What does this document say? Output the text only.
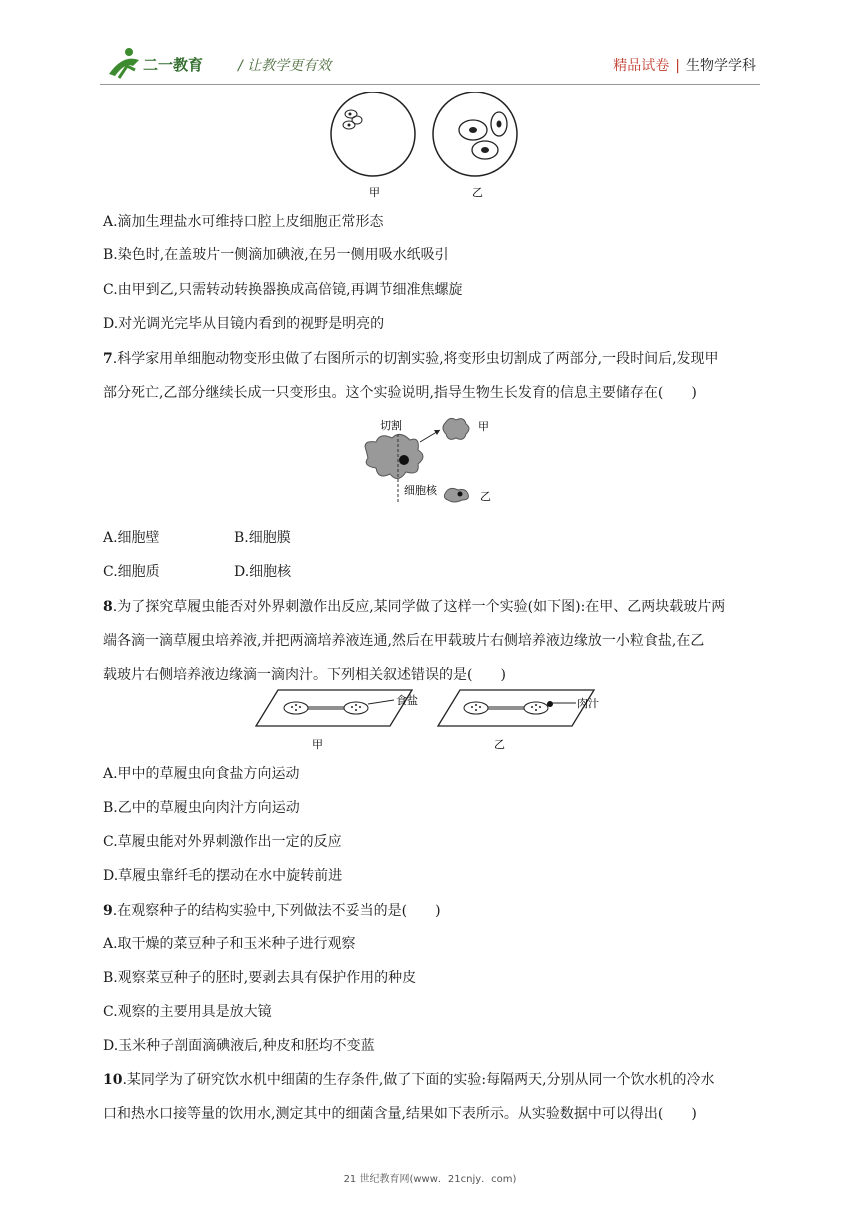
二一教育 / 让教学更有效	精品试卷 | 生物学学科
甲	乙
A.滴加生理盐水可维持口腔上皮细胞正常形态
B.染色时,在盖玻片一侧滴加碘液,在另一侧用吸水纸吸引
C.由甲到乙,只需转动转换器换成高倍镜,再调节细准焦螺旋
D.对光调光完毕从目镜内看到的视野是明亮的
7.科学家用单细胞动物变形虫做了右图所示的切割实验,将变形虫切割成了两部分,一段时间后,发现甲
部分死亡,乙部分继续长成一只变形虫。这个实验说明,指导生物生长发育的信息主要储存在(　　)
切割	甲
细胞核	乙
A.细胞壁	B.细胞膜
C.细胞质	D.细胞核
8.为了探究草履虫能否对外界刺激作出反应,某同学做了这样一个实验(如下图):在甲、乙两块载玻片两
端各滴一滴草履虫培养液,并把两滴培养液连通,然后在甲载玻片右侧培养液边缘放一小粒食盐,在乙
载玻片右侧培养液边缘滴一滴肉汁。下列相关叙述错误的是(　　)
食盐
甲
肉汁
乙
A.甲中的草履虫向食盐方向运动
B.乙中的草履虫向肉汁方向运动
C.草履虫能对外界刺激作出一定的反应
D.草履虫靠纤毛的摆动在水中旋转前进
9.在观察种子的结构实验中,下列做法不妥当的是(　　)
A.取干燥的菜豆种子和玉米种子进行观察
B.观察菜豆种子的胚时,要剥去具有保护作用的种皮
C.观察的主要用具是放大镜
D.玉米种子剖面滴碘液后,种皮和胚均不变蓝
10.某同学为了研究饮水机中细菌的生存条件,做了下面的实验:每隔两天,分别从同一个饮水机的冷水
口和热水口接等量的饮用水,测定其中的细菌含量,结果如下表所示。从实验数据中可以得出(　　)
21 世纪教育网(www．21cnjy．com)
